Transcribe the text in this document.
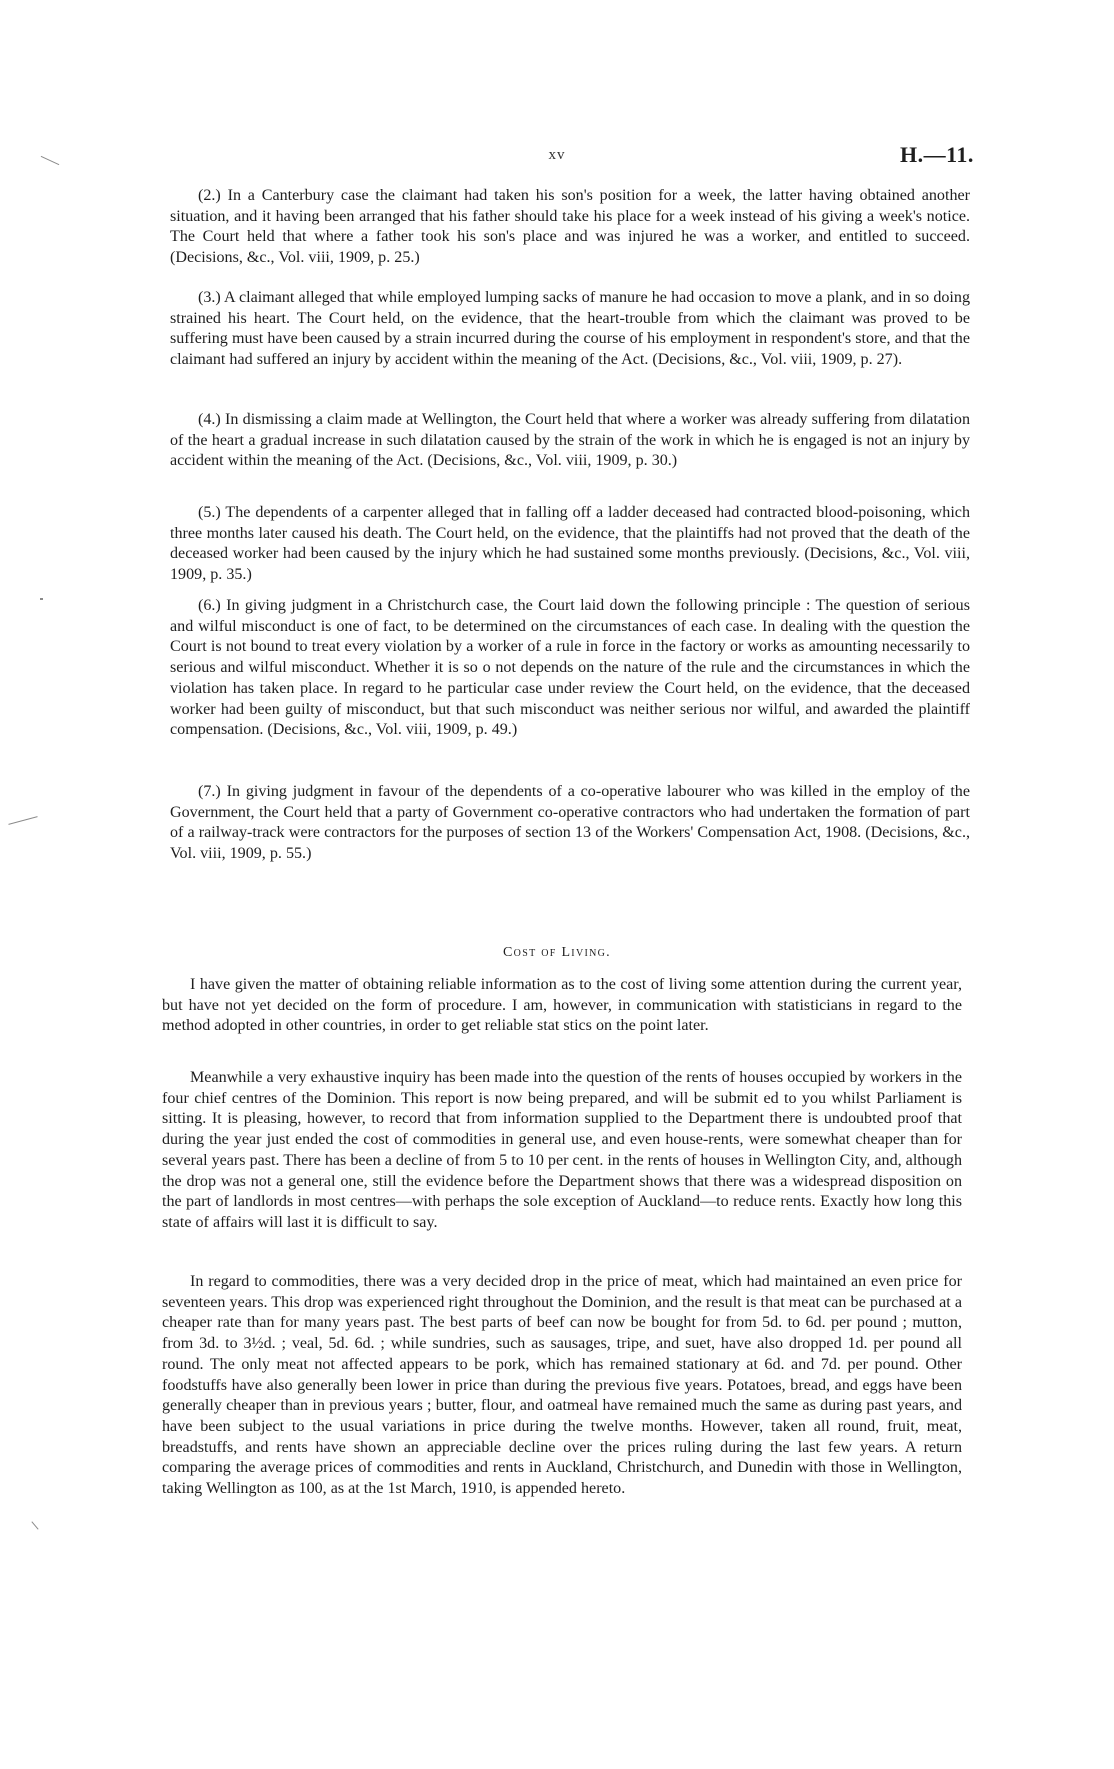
xv	H.—11.

(2.) In a Canterbury case the claimant had taken his son's position for a week, the latter having obtained another situation, and it having been arranged that his father should take his place for a week instead of his giving a week's notice. The Court held that where a father took his son's place and was injured he was a worker, and entitled to succeed. (Decisions, &c., Vol. viii, 1909, p. 25.)

(3.) A claimant alleged that while employed lumping sacks of manure he had occasion to move a plank, and in so doing strained his heart. The Court held, on the evidence, that the heart-trouble from which the claimant was proved to be suffering must have been caused by a strain incurred during the course of his employment in respondent's store, and that the claimant had suffered an injury by accident within the meaning of the Act. (Decisions, &c., Vol. viii, 1909, p. 27).

(4.) In dismissing a claim made at Wellington, the Court held that where a worker was already suffering from dilatation of the heart a gradual increase in such dilatation caused by the strain of the work in which he is engaged is not an injury by accident within the meaning of the Act. (Decisions, &c., Vol. viii, 1909, p. 30.)

(5.) The dependents of a carpenter alleged that in falling off a ladder deceased had contracted blood-poisoning, which three months later caused his death. The Court held, on the evidence, that the plaintiffs had not proved that the death of the deceased worker had been caused by the injury which he had sustained some months previously. (Decisions, &c., Vol. viii, 1909, p. 35.)

(6.) In giving judgment in a Christchurch case, the Court laid down the following principle : The question of serious and wilful misconduct is one of fact, to be determined on the circumstances of each case. In dealing with the question the Court is not bound to treat every violation by a worker of a rule in force in the factory or works as amounting necessarily to serious and wilful misconduct. Whether it is so o not depends on the nature of the rule and the circumstances in which the violation has taken place. In regard to he particular case under review the Court held, on the evidence, that the deceased worker had been guilty of misconduct, but that such misconduct was neither serious nor wilful, and awarded the plaintiff compensation. (Decisions, &c., Vol. viii, 1909, p. 49.)

(7.) In giving judgment in favour of the dependents of a co-operative labourer who was killed in the employ of the Government, the Court held that a party of Government co-operative contractors who had undertaken the formation of part of a railway-track were contractors for the purposes of section 13 of the Workers' Compensation Act, 1908. (Decisions, &c., Vol. viii, 1909, p. 55.)

Cost of Living.

I have given the matter of obtaining reliable information as to the cost of living some attention during the current year, but have not yet decided on the form of procedure. I am, however, in communication with statisticians in regard to the method adopted in other countries, in order to get reliable stat stics on the point later.

Meanwhile a very exhaustive inquiry has been made into the question of the rents of houses occupied by workers in the four chief centres of the Dominion. This report is now being prepared, and will be submit ed to you whilst Parliament is sitting. It is pleasing, however, to record that from information supplied to the Department there is undoubted proof that during the year just ended the cost of commodities in general use, and even house-rents, were somewhat cheaper than for several years past. There has been a decline of from 5 to 10 per cent. in the rents of houses in Wellington City, and, although the drop was not a general one, still the evidence before the Department shows that there was a widespread disposition on the part of landlords in most centres—with perhaps the sole exception of Auckland—to reduce rents. Exactly how long this state of affairs will last it is difficult to say.

In regard to commodities, there was a very decided drop in the price of meat, which had maintained an even price for seventeen years. This drop was experienced right throughout the Dominion, and the result is that meat can be purchased at a cheaper rate than for many years past. The best parts of beef can now be bought for from 5d. to 6d. per pound ; mutton, from 3d. to 3½d. ; veal, 5d. 6d. ; while sundries, such as sausages, tripe, and suet, have also dropped 1d. per pound all round. The only meat not affected appears to be pork, which has remained stationary at 6d. and 7d. per pound. Other foodstuffs have also generally been lower in price than during the previous five years. Potatoes, bread, and eggs have been generally cheaper than in previous years ; butter, flour, and oatmeal have remained much the same as during past years, and have been subject to the usual variations in price during the twelve months. However, taken all round, fruit, meat, breadstuffs, and rents have shown an appreciable decline over the prices ruling during the last few years. A return comparing the average prices of commodities and rents in Auckland, Christchurch, and Dunedin with those in Wellington, taking Wellington as 100, as at the 1st March, 1910, is appended hereto.
